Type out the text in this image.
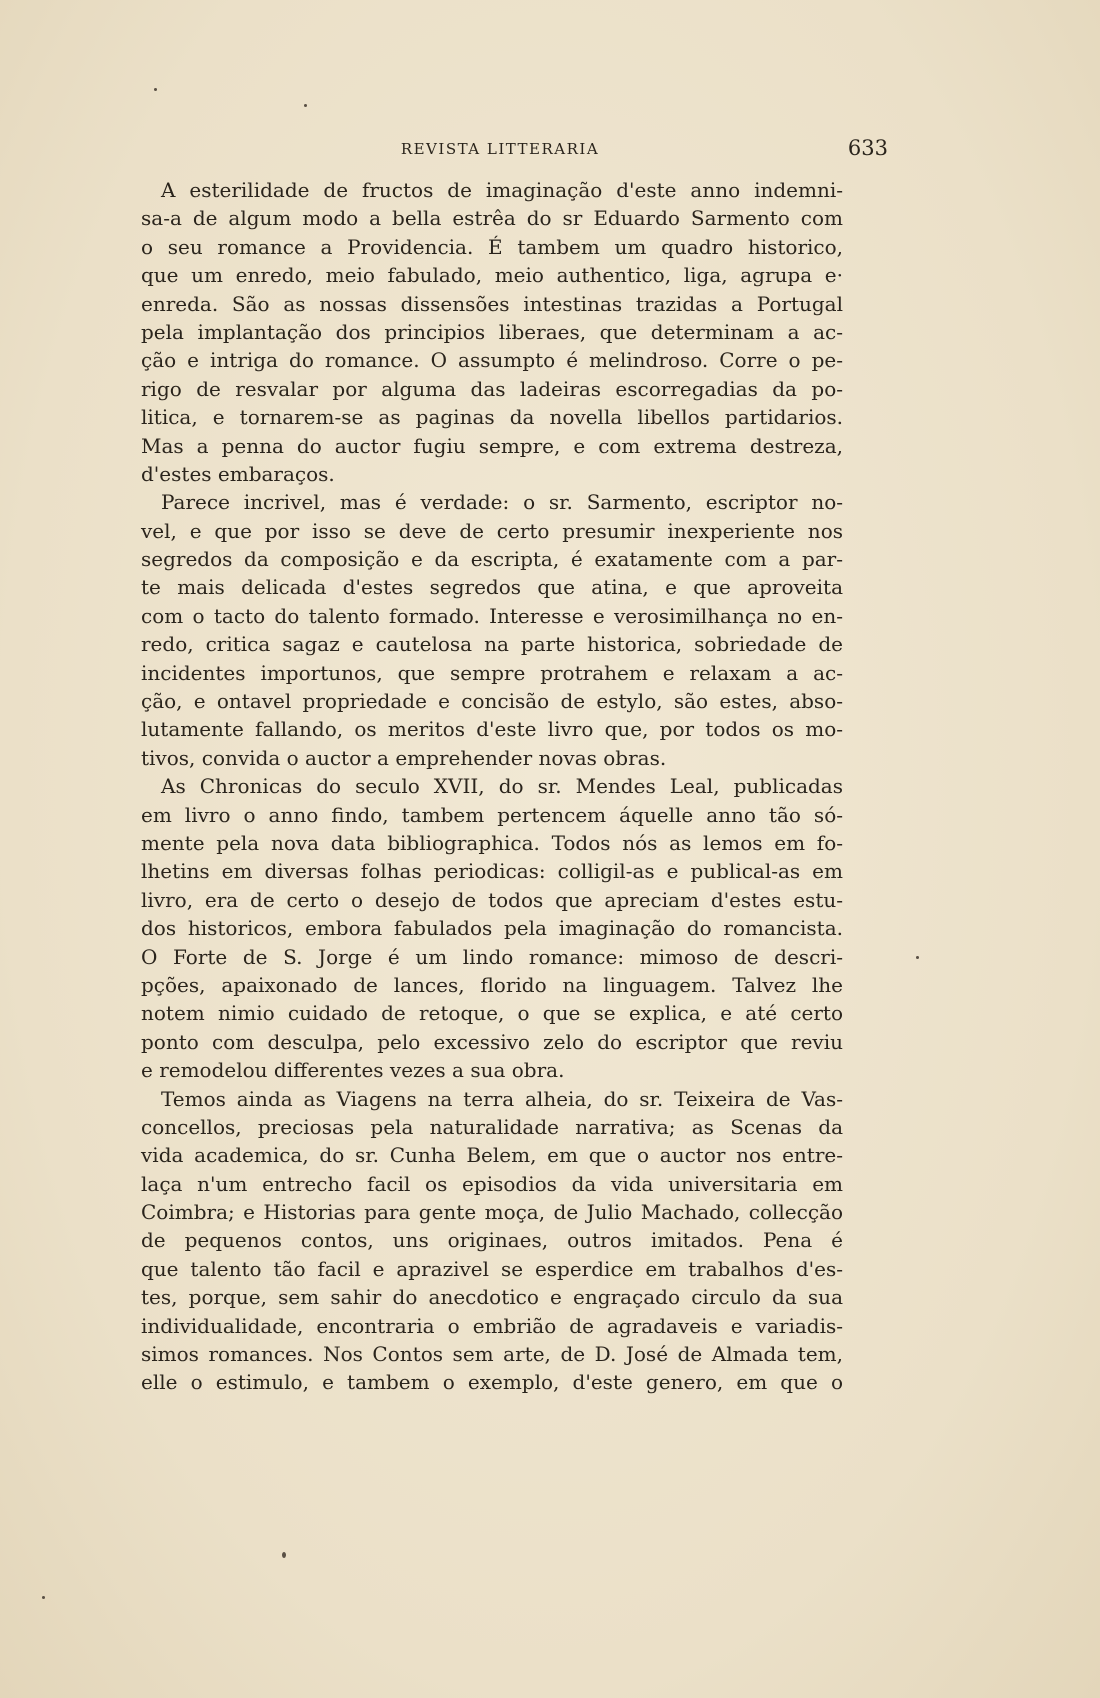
REVISTA LITTERARIA	633
A esterilidade de fructos de imaginação d'este anno indemni-
sa-a de algum modo a bella estrêa do sr Eduardo Sarmento com
o seu romance a Providencia. É tambem um quadro historico,
que um enredo, meio fabulado, meio authentico, liga, agrupa e·
enreda. São as nossas dissensões intestinas trazidas a Portugal
pela implantação dos principios liberaes, que determinam a ac-
ção e intriga do romance. O assumpto é melindroso. Corre o pe-
rigo de resvalar por alguma das ladeiras escorregadias da po-
litica, e tornarem-se as paginas da novella libellos partidarios.
Mas a penna do auctor fugiu sempre, e com extrema destreza,
d'estes embaraços.
Parece incrivel, mas é verdade: o sr. Sarmento, escriptor no-
vel, e que por isso se deve de certo presumir inexperiente nos
segredos da composição e da escripta, é exatamente com a par-
te mais delicada d'estes segredos que atina, e que aproveita
com o tacto do talento formado. Interesse e verosimilhança no en-
redo, critica sagaz e cautelosa na parte historica, sobriedade de
incidentes importunos, que sempre protrahem e relaxam a ac-
ção, e ontavel propriedade e concisão de estylo, são estes, abso-
lutamente fallando, os meritos d'este livro que, por todos os mo-
tivos, convida o auctor a emprehender novas obras.
As Chronicas do seculo XVII, do sr. Mendes Leal, publicadas
em livro o anno findo, tambem pertencem áquelle anno tão só-
mente pela nova data bibliographica. Todos nós as lemos em fo-
lhetins em diversas folhas periodicas: colligil-as e publical-as em
livro, era de certo o desejo de todos que apreciam d'estes estu-
dos historicos, embora fabulados pela imaginação do romancista.
O Forte de S. Jorge é um lindo romance: mimoso de descri-
pções, apaixonado de lances, florido na linguagem. Talvez lhe
notem nimio cuidado de retoque, o que se explica, e até certo
ponto com desculpa, pelo excessivo zelo do escriptor que reviu
e remodelou differentes vezes a sua obra.
Temos ainda as Viagens na terra alheia, do sr. Teixeira de Vas-
concellos, preciosas pela naturalidade narrativa; as Scenas da
vida academica, do sr. Cunha Belem, em que o auctor nos entre-
laça n'um entrecho facil os episodios da vida universitaria em
Coimbra; e Historias para gente moça, de Julio Machado, collecção
de pequenos contos, uns originaes, outros imitados. Pena é
que talento tão facil e aprazivel se esperdice em trabalhos d'es-
tes, porque, sem sahir do anecdotico e engraçado circulo da sua
individualidade, encontraria o embrião de agradaveis e variadis-
simos romances. Nos Contos sem arte, de D. José de Almada tem,
elle o estimulo, e tambem o exemplo, d'este genero, em que o
